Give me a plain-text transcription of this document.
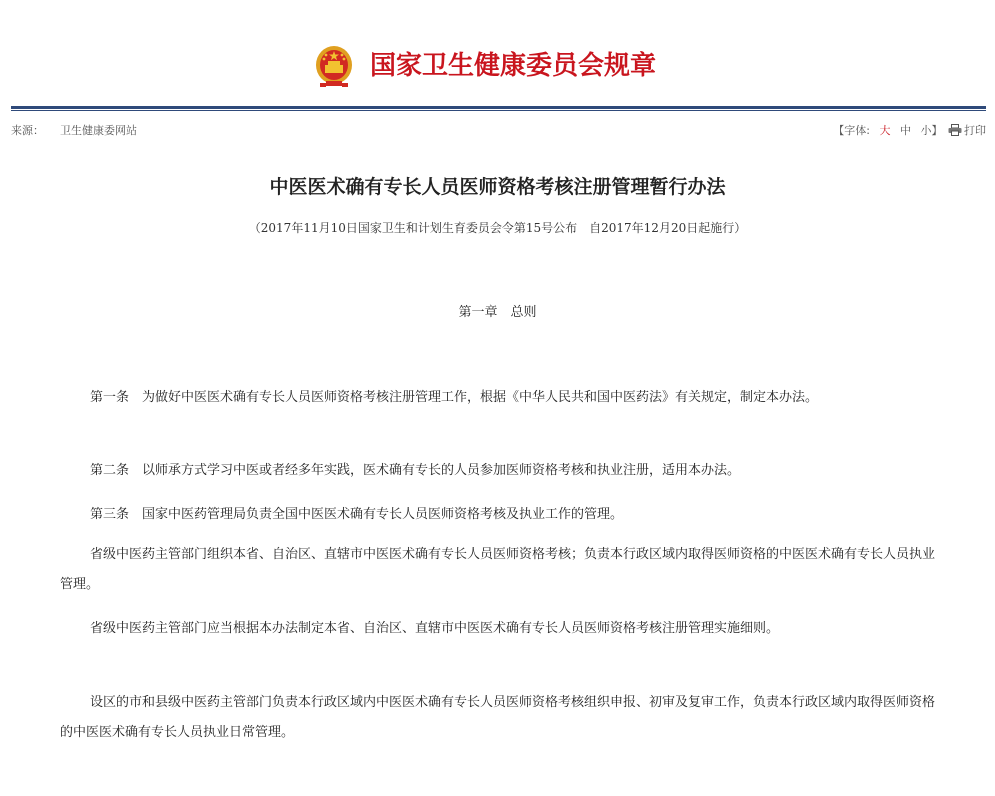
国家卫生健康委员会规章
来源： 卫生健康委网站	【字体: 大 中 小】 打印
中医医术确有专长人员医师资格考核注册管理暂行办法
（2017年11月10日国家卫生和计划生育委员会令第15号公布　自2017年12月20日起施行）
第一章　总则

第一条　为做好中医医术确有专长人员医师资格考核注册管理工作，根据《中华人民共和国中医药法》有关规定，制定本办法。

第二条　以师承方式学习中医或者经多年实践，医术确有专长的人员参加医师资格考核和执业注册，适用本办法。

第三条　国家中医药管理局负责全国中医医术确有专长人员医师资格考核及执业工作的管理。

省级中医药主管部门组织本省、自治区、直辖市中医医术确有专长人员医师资格考核；负责本行政区域内取得医师资格的中医医术确有专长人员执业管理。

省级中医药主管部门应当根据本办法制定本省、自治区、直辖市中医医术确有专长人员医师资格考核注册管理实施细则。

设区的市和县级中医药主管部门负责本行政区域内中医医术确有专长人员医师资格考核组织申报、初审及复审工作，负责本行政区域内取得医师资格的中医医术确有专长人员执业日常管理。
